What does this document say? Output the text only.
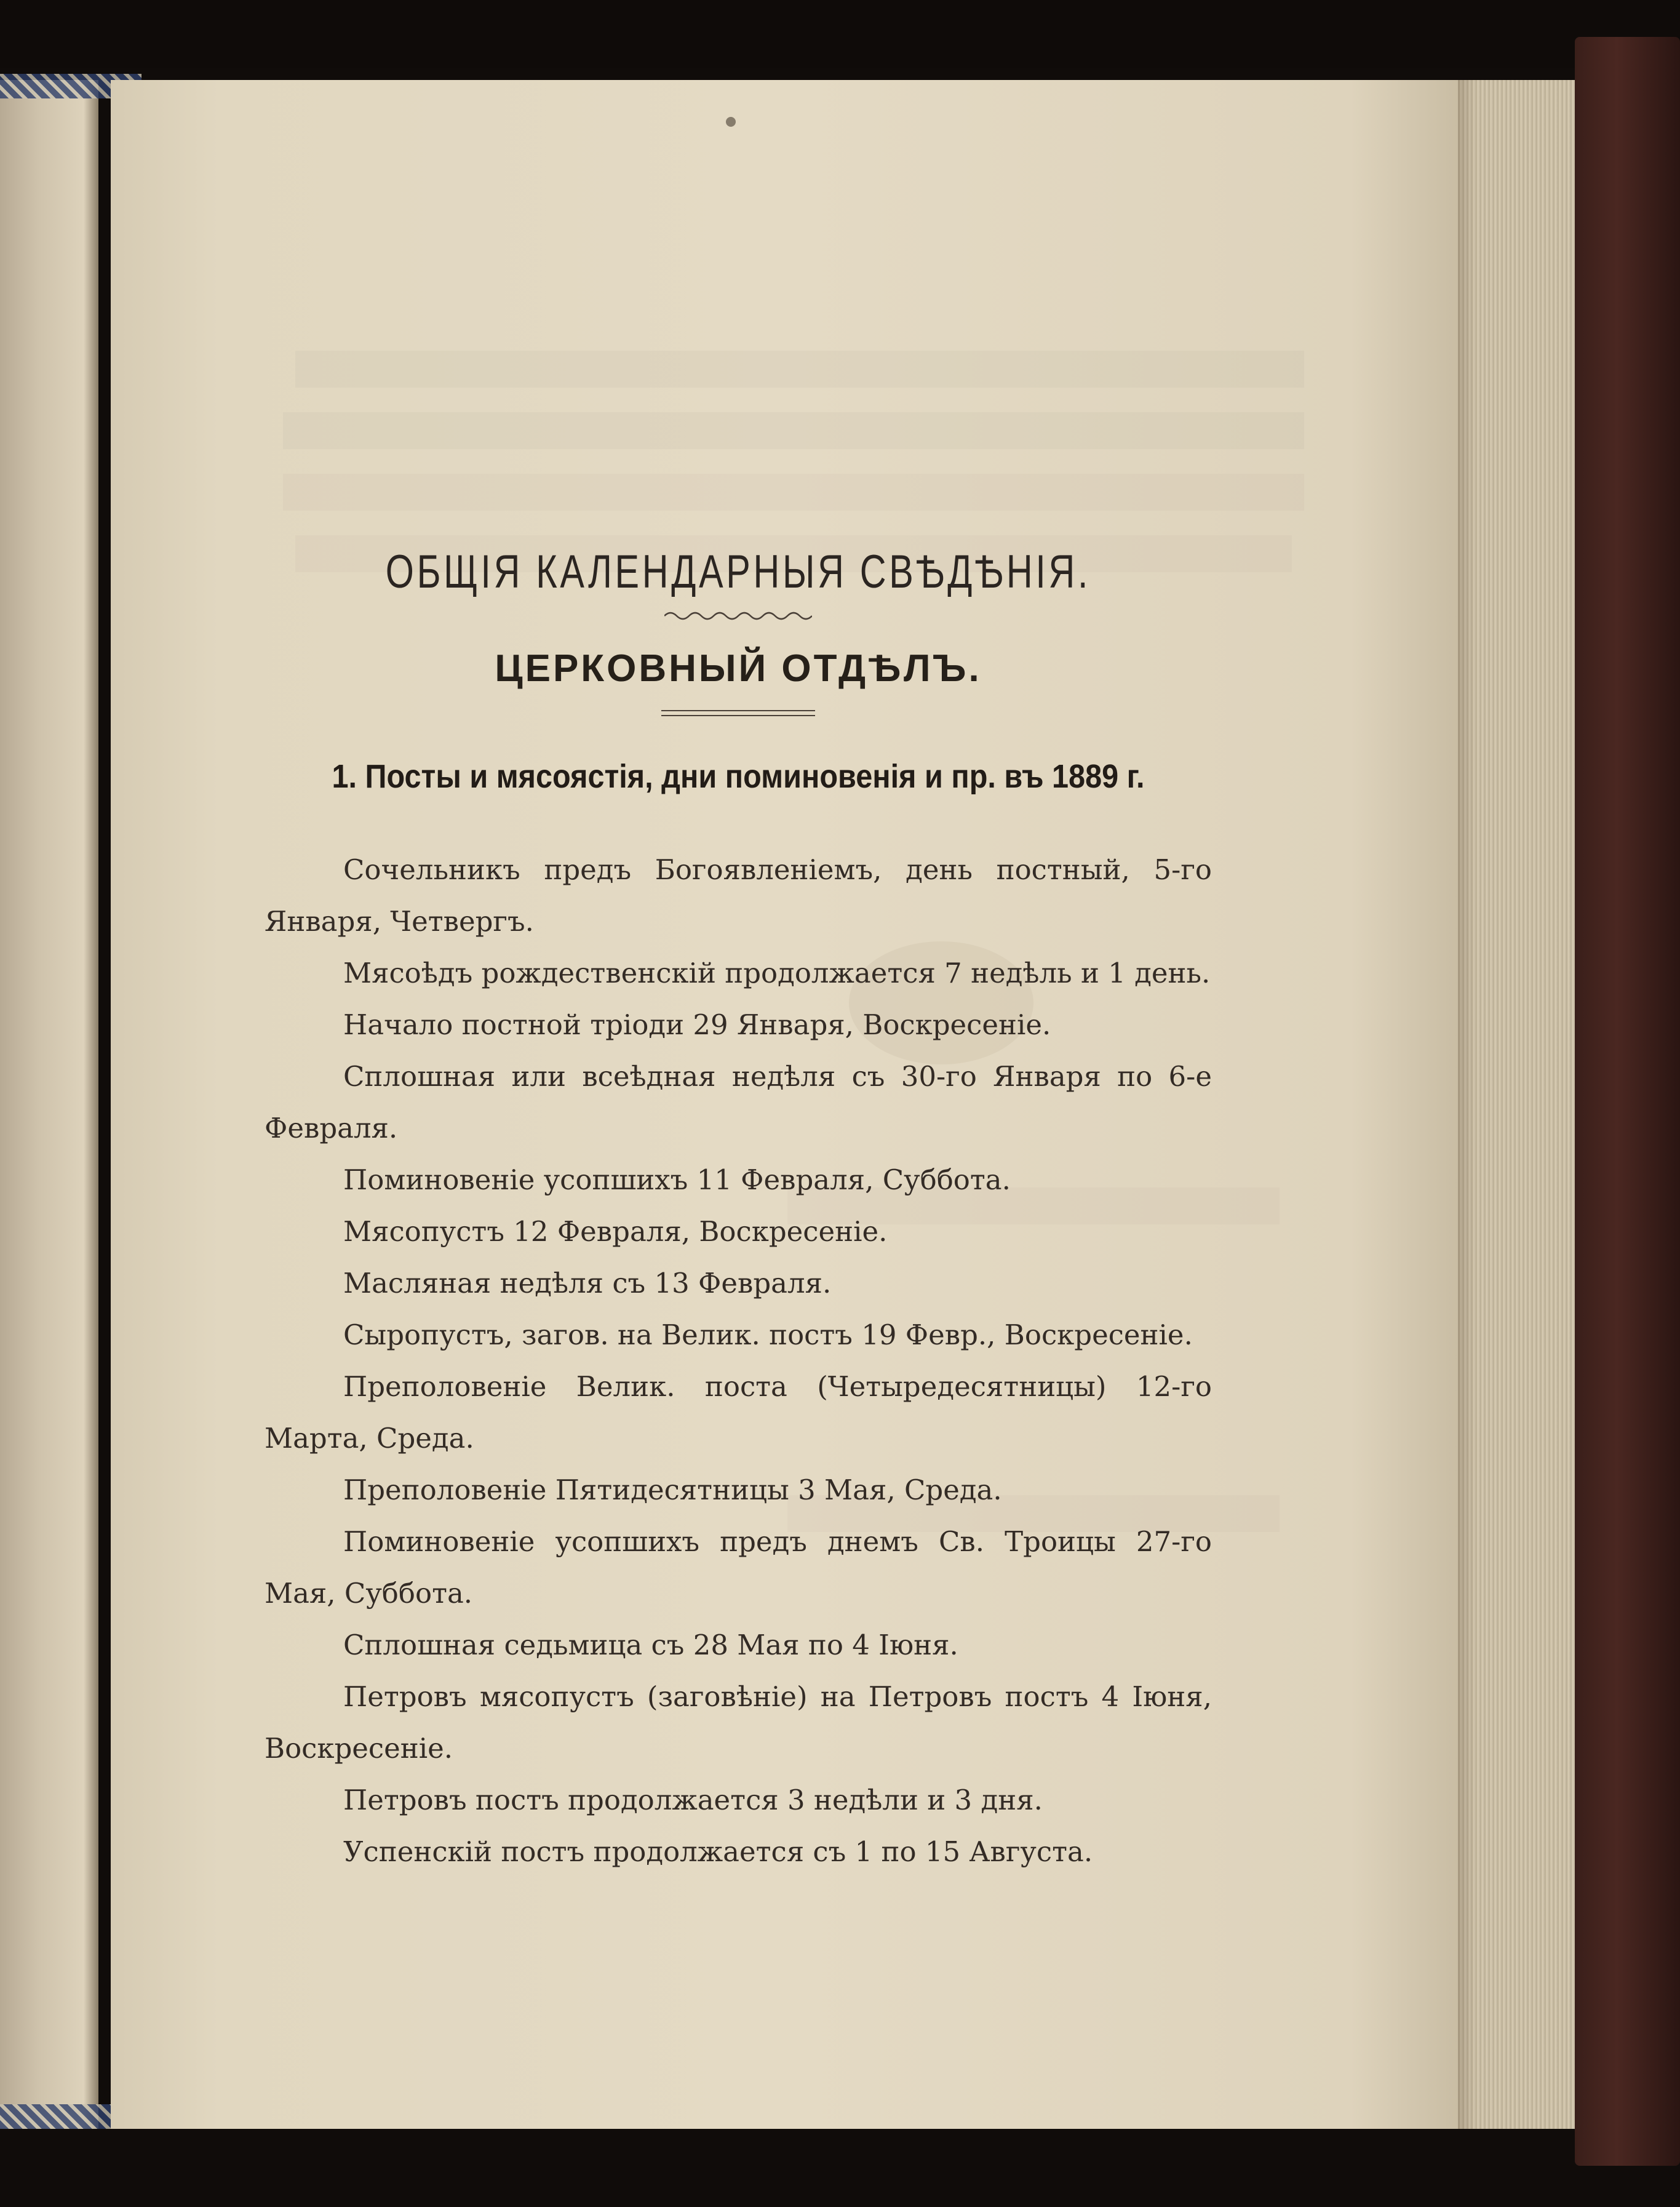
ОБЩІЯ КАЛЕНДАРНЫЯ СВѢДѢНІЯ.
ЦЕРКОВНЫЙ ОТДѢЛЪ.
1. Посты и мясоястія, дни поминовенія и пр. въ 1889 г.

Сочельникъ предъ Богоявленіемъ, день постный, 5-го Января, Четвергъ.

Мясоѣдъ рождественскій продолжается 7 недѣль и 1 день.

Начало постной тріоди 29 Января, Воскресеніе.

Сплошная или всеѣдная недѣля съ 30-го Января по 6-е Февраля.

Поминовеніе усопшихъ 11 Февраля, Суббота.

Мясопустъ 12 Февраля, Воскресеніе.

Масляная недѣля съ 13 Февраля.

Сыропустъ, загов. на Велик. постъ 19 Февр., Воскресеніе.

Преполовеніе Велик. поста (Четыредесятницы) 12-го Марта, Среда.

Преполовеніе Пятидесятницы 3 Мая, Среда.

Поминовеніе усопшихъ предъ днемъ Св. Троицы 27-го Мая, Суббота.

Сплошная седьмица съ 28 Мая по 4 Іюня.

Петровъ мясопустъ (заговѣніе) на Петровъ постъ 4 Іюня, Воскресеніе.

Петровъ постъ продолжается 3 недѣли и 3 дня.

Успенскій постъ продолжается съ 1 по 15 Августа.
